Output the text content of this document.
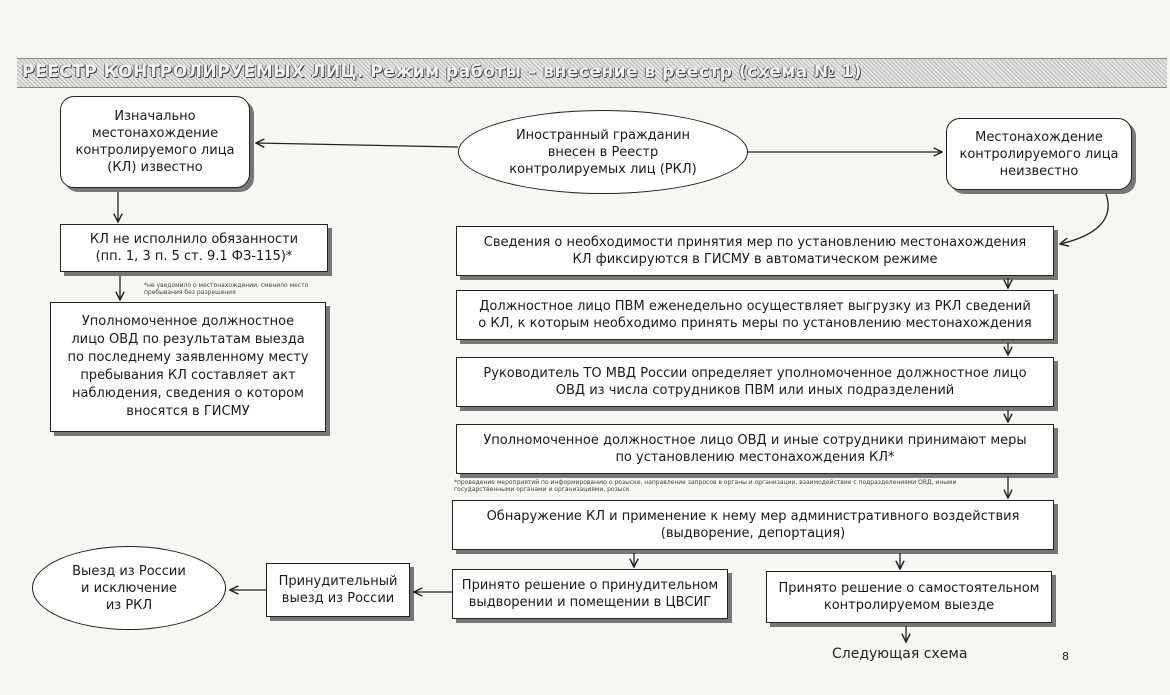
РЕЕСТР КОНТРОЛИРУЕМЫХ ЛИЦ. Режим работы – внесение в реестр (схема № 1)
Изначально
местонахождение
контролируемого лица
(КЛ) известно
Иностранный гражданин
внесен в Реестр
контролируемых лиц (РКЛ)
Местонахождение
контролируемого лица
неизвестно
КЛ не исполнило обязанности
(пп. 1, 3 п. 5 ст. 9.1 ФЗ-115)*
*не уведомило о местонахождении, сменило место пребывания без разрешения
Уполномоченное должностное
лицо ОВД по результатам выезда
по последнему заявленному месту
пребывания КЛ составляет акт
наблюдения, сведения о котором
вносятся в ГИСМУ
Сведения о необходимости принятия мер по установлению местонахождения
КЛ фиксируются в ГИСМУ в автоматическом режиме
Должностное лицо ПВМ еженедельно осуществляет выгрузку из РКЛ сведений
о КЛ, к которым необходимо принять меры по установлению местонахождения
Руководитель ТО МВД России определяет уполномоченное должностное лицо
ОВД из числа сотрудников ПВМ или иных подразделений
Уполномоченное должностное лицо ОВД и иные сотрудники принимают меры
по установлению местонахождения КЛ*
*проведение мероприятий по информированию о розыске, направление запросов в органы и организации, взаимодействие с подразделениями ОВД, иными государственными органами и организациями, розыск
Обнаружение КЛ и применение к нему мер административного воздействия
(выдворение, депортация)
Принято решение о принудительном
выдворении и помещении в ЦВСИГ
Принято решение о самостоятельном
контролируемом выезде
Принудительный
выезд из России
Выезд из России
и исключение
из РКЛ
Следующая схема	8
